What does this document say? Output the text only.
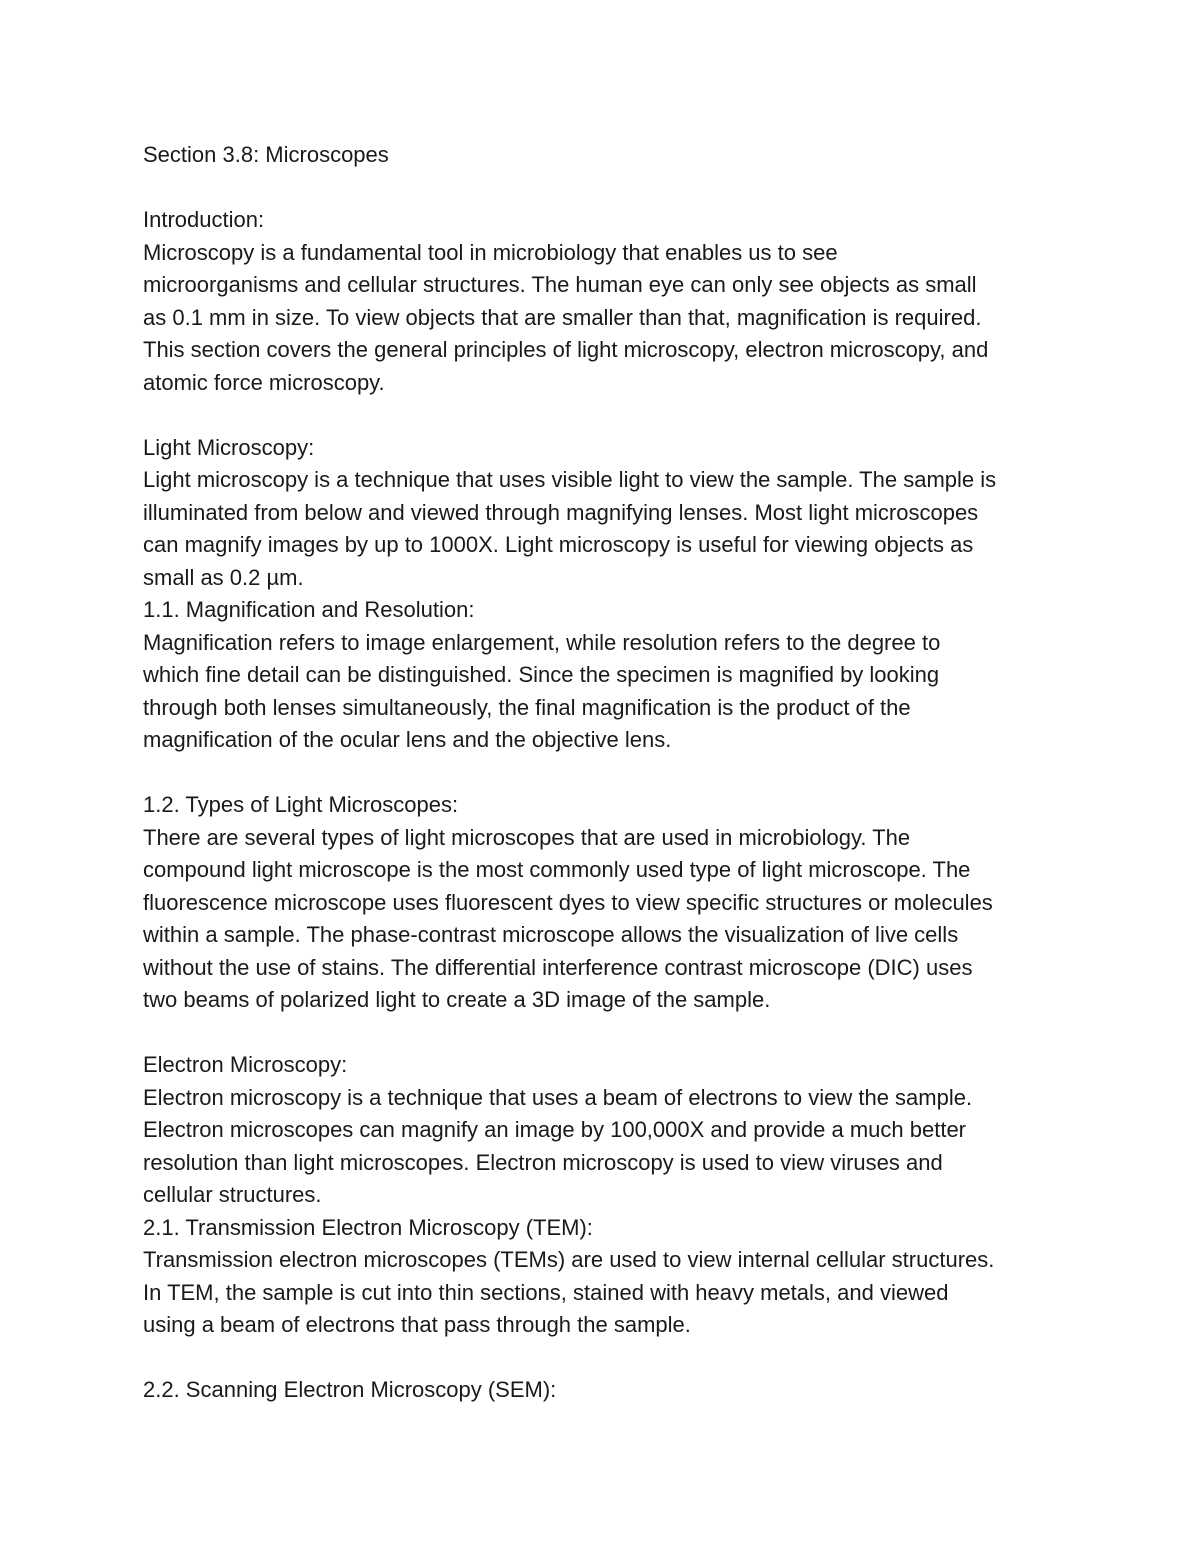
Section 3.8: Microscopes
Introduction:
Microscopy is a fundamental tool in microbiology that enables us to see
microorganisms and cellular structures. The human eye can only see objects as small
as 0.1 mm in size. To view objects that are smaller than that, magnification is required.
This section covers the general principles of light microscopy, electron microscopy, and
atomic force microscopy.
Light Microscopy:
Light microscopy is a technique that uses visible light to view the sample. The sample is
illuminated from below and viewed through magnifying lenses. Most light microscopes
can magnify images by up to 1000X. Light microscopy is useful for viewing objects as
small as 0.2 µm.
1.1. Magnification and Resolution:
Magnification refers to image enlargement, while resolution refers to the degree to
which fine detail can be distinguished. Since the specimen is magnified by looking
through both lenses simultaneously, the final magnification is the product of the
magnification of the ocular lens and the objective lens.
1.2. Types of Light Microscopes:
There are several types of light microscopes that are used in microbiology. The
compound light microscope is the most commonly used type of light microscope. The
fluorescence microscope uses fluorescent dyes to view specific structures or molecules
within a sample. The phase-contrast microscope allows the visualization of live cells
without the use of stains. The differential interference contrast microscope (DIC) uses
two beams of polarized light to create a 3D image of the sample.
Electron Microscopy:
Electron microscopy is a technique that uses a beam of electrons to view the sample.
Electron microscopes can magnify an image by 100,000X and provide a much better
resolution than light microscopes. Electron microscopy is used to view viruses and
cellular structures.
2.1. Transmission Electron Microscopy (TEM):
Transmission electron microscopes (TEMs) are used to view internal cellular structures.
In TEM, the sample is cut into thin sections, stained with heavy metals, and viewed
using a beam of electrons that pass through the sample.
2.2. Scanning Electron Microscopy (SEM):
